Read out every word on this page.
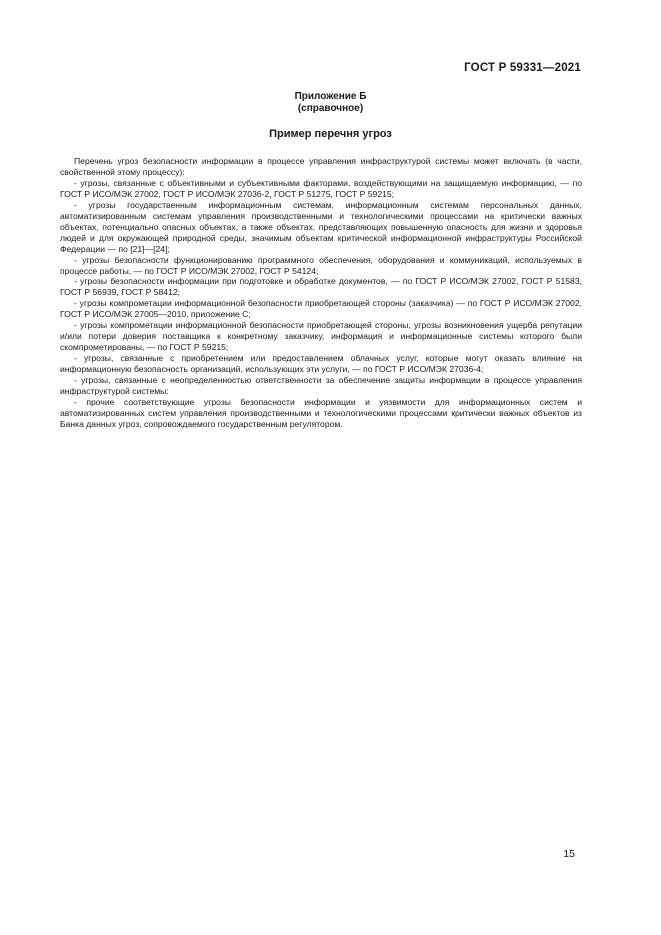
ГОСТ Р 59331—2021
Приложение Б
(справочное)
Пример перечня угроз

Перечень угроз безопасности информации в процессе управления инфраструктурой системы может включать (в части, свойственной этому процессу):

- угрозы, связанные с объективными и субъективными факторами, воздействующими на защищаемую информацию, — по ГОСТ Р ИСО/МЭК 27002, ГОСТ Р ИСО/МЭК 27036-2, ГОСТ Р 51275, ГОСТ Р 59215;

- угрозы государственным информационным системам, информационным системам персональных данных, автоматизированным системам управления производственными и технологическими процессами на критически важных объектах, потенциально опасных объектах, а также объектах, представляющих повышенную опасность для жизни и здоровья людей и для окружающей природной среды, значимым объектам критической информационной инфраструктуры Российской Федерации — по [21]—[24];

- угрозы безопасности функционированию программного обеспечения, оборудования и коммуникаций, используемых в процессе работы, — по ГОСТ Р ИСО/МЭК 27002, ГОСТ Р 54124;

- угрозы безопасности информации при подготовке и обработке документов, — по ГОСТ Р ИСО/МЭК 27002, ГОСТ Р 51583, ГОСТ Р 56939, ГОСТ Р 58412;

- угрозы компрометации информационной безопасности приобретающей стороны (заказчика) — по ГОСТ Р ИСО/МЭК 27002, ГОСТ Р ИСО/МЭК 27005—2010, приложение С;

- угрозы компрометации информационной безопасности приобретающей стороны, угрозы возникновения ущерба репутации и/или потери доверия поставщика к конкретному заказчику, информация и информационные системы которого были скомпрометированы, — по ГОСТ Р 59215;

- угрозы, связанные с приобретением или предоставлением облачных услуг, которые могут оказать влияние на информационную безопасность организаций, использующих эти услуги, — по ГОСТ Р ИСО/МЭК 27036-4;

- угрозы, связанные с неопределенностью ответственности за обеспечение защиты информации в процессе управления инфраструктурой системы:

- прочие соответствующие угрозы безопасности информации и уязвимости для информационных систем и автоматизированных систем управления производственными и технологическими процессами критически важных объектов из Банка данных угроз, сопровождаемого государственным регулятором.

15
